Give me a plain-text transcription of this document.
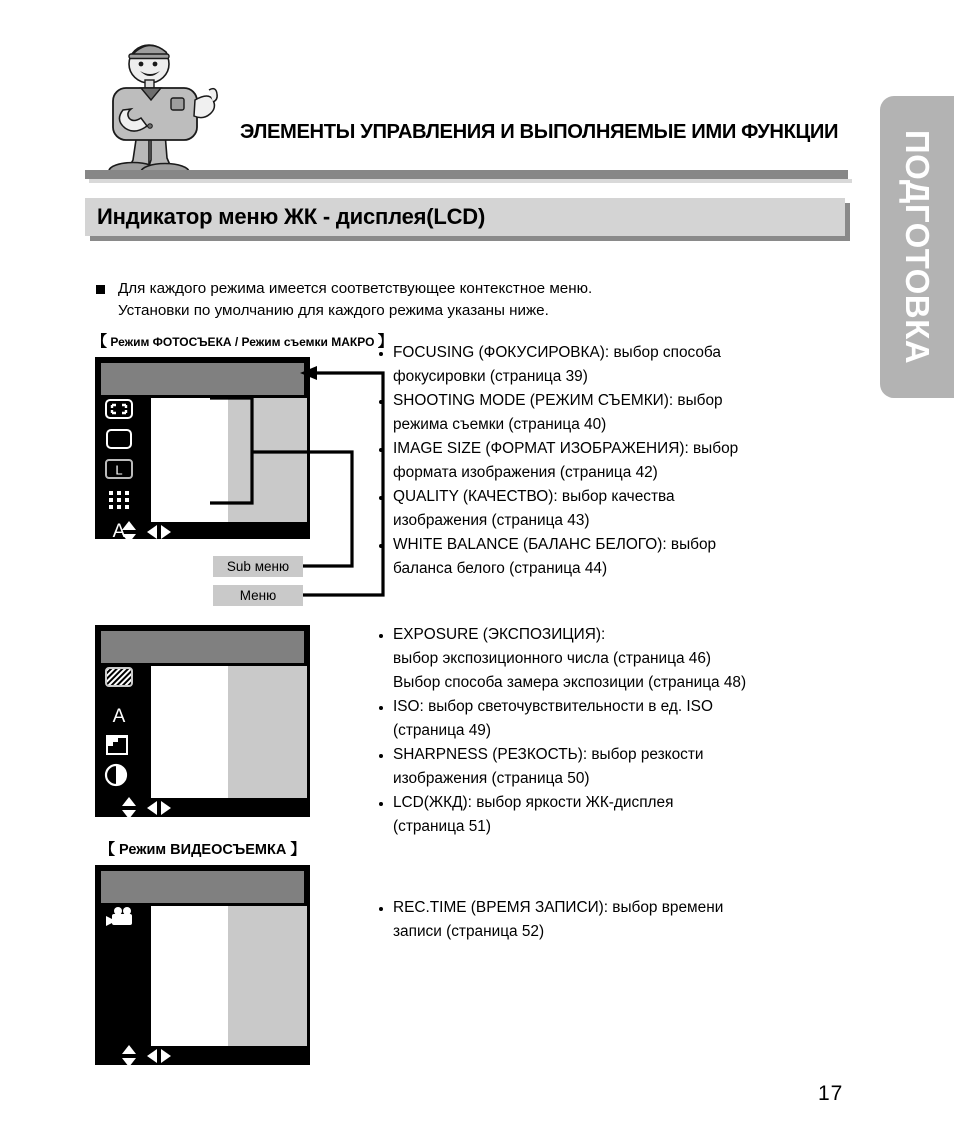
ПОДГОТОВКА
ЭЛЕМЕНТЫ УПРАВЛЕНИЯ И ВЫПОЛНЯЕМЫЕ ИМИ ФУНКЦИИ
Индикатор меню ЖК - дисплея(LCD)
Для каждого режима имеется соответствующее контекстное меню.
Установки по умолчанию для каждого режима указаны ниже.
【 Режим ФОТОСЪЕКА / Режим съемки МАКРО 】
L
A
Sub меню
Меню
FOCUSING (ФОКУСИРОВКА): выбор способа
фокусировки (страница 39)
SHOOTING MODE (РЕЖИМ СЪЕМКИ): выбор
режима съемки (страница 40)
IMAGE SIZE (ФОРМАТ ИЗОБРАЖЕНИЯ): выбор
формата изображения (страница 42)
QUALITY (КАЧЕСТВО): выбор качества
изображения (страница 43)
WHITE BALANCE (БАЛАНС БЕЛОГО): выбор
баланса белого (страница 44)
A
EXPOSURE (ЭКСПОЗИЦИЯ):
выбор экспозиционного числа (страница 46)
Выбор способа замера экспозиции (страница 48)
ISO: выбор светочувствительности в ед. ISO
(страница 49)
SHARPNESS (РЕЗКОСТЬ): выбор резкости
изображения (страница 50)
LCD(ЖКД): выбор яркости ЖК-дисплея
(страница 51)
【 Режим ВИДЕОСЪЕМКА 】
REC.TIME (ВРЕМЯ ЗАПИСИ): выбор времени
записи (страница 52)
17
